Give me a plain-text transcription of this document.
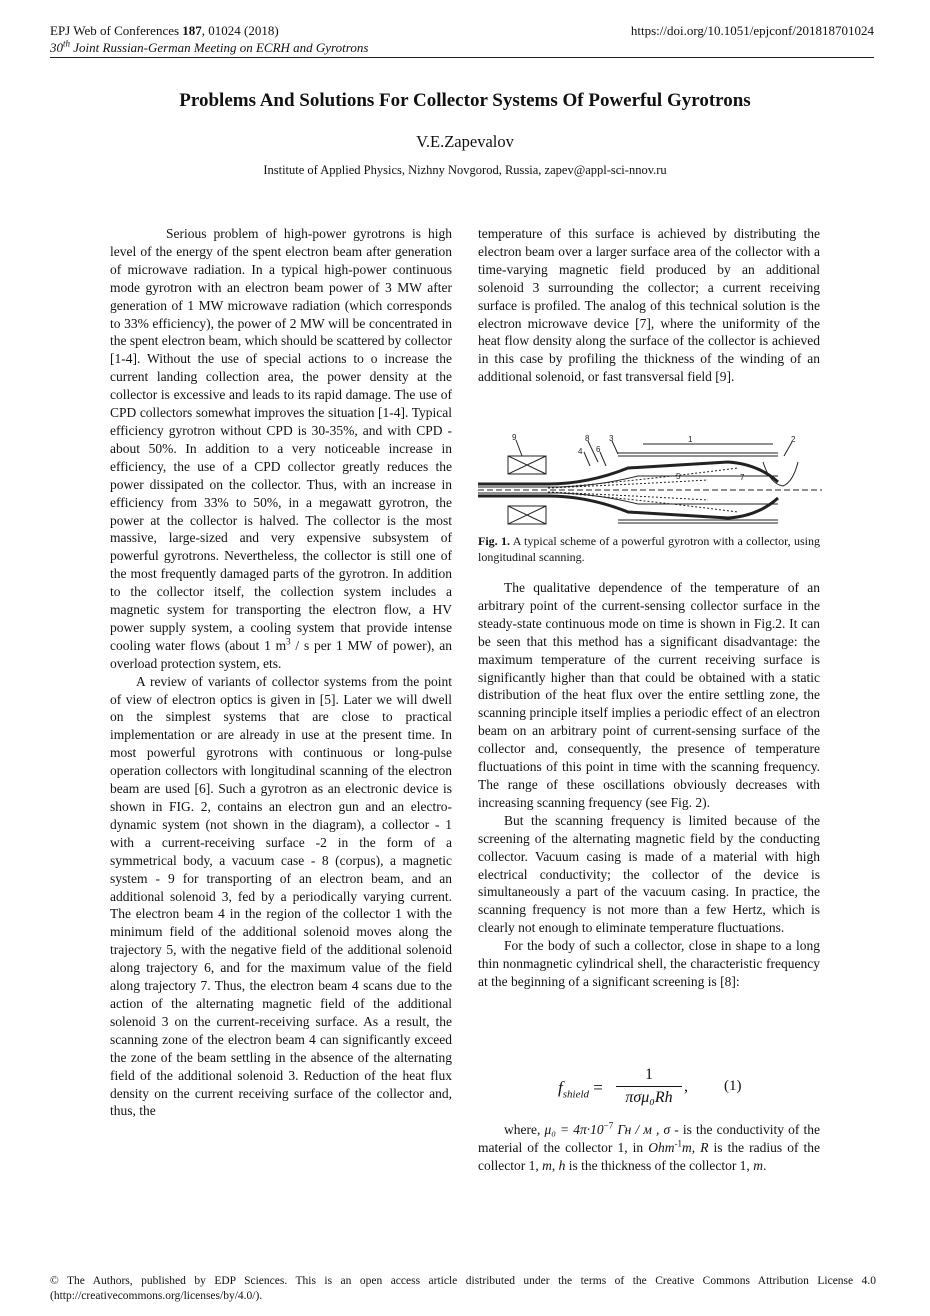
EPJ Web of Conferences 187, 01024 (2018)
30th Joint Russian-German Meeting on ECRH and Gyrotrons
https://doi.org/10.1051/epjconf/201818701024
Problems And Solutions For Collector Systems Of Powerful Gyrotrons
V.E.Zapevalov
Institute of Applied Physics, Nizhny Novgorod, Russia, zapev@appl-sci-nnov.ru

Serious problem of high-power gyrotrons is high level of the energy of the spent electron beam after generation of microwave radiation. In a typical high-power continuous mode gyrotron with an electron beam power of 3 MW after generation of 1 MW microwave radiation (which corresponds to 33% efficiency), the power of 2 MW will be concentrated in the spent electron beam, which should be scattered by collector [1-4]. Without the use of special actions to o increase the current landing collection area, the power density at the collector is excessive and leads to its rapid damage. The use of CPD collectors somewhat improves the situation [1-4]. Typical efficiency gyrotron without CPD is 30-35%, and with CPD - about 50%. In addition to a very noticeable increase in efficiency, the use of a CPD collector greatly reduces the power dissipated on the collector. Thus, with an increase in efficiency from 33% to 50%, in a megawatt gyrotron, the power at the collector is halved. The collector is the most massive, large-sized and very expensive subsystem of powerful gyrotrons. Nevertheless, the collector is still one of the most frequently damaged parts of the gyrotron. In addition to the collector itself, the collection system includes a magnetic system for transporting the electron flow, a HV power supply system, a cooling system that provide intense cooling water flows (about 1 $m^3$ / s per 1 MW of power), an overload protection system, ets.

A review of variants of collector systems from the point of view of electron optics is given in [5]. Later we will dwell on the simplest systems that are close to practical implementation or are already in use at the present time. In most powerful gyrotrons with continuous or long-pulse operation collectors with longitudinal scanning of the electron beam are used [6]. Such a gyrotron as an electronic device is shown in FIG. 2, contains an electron gun and an electro-dynamic system (not shown in the diagram), a collector - 1 with a current-receiving surface -2 in the form of a symmetrical body, a vacuum case - 8 (corpus), a magnetic system - 9 for transporting of an electron beam, and an additional solenoid 3, fed by a periodically varying current. The electron beam 4 in the region of the collector 1 with the minimum field of the additional solenoid moves along the trajectory 5, with the negative field of the additional solenoid along trajectory 6, and for the maximum value of the field along trajectory 7. Thus, the electron beam 4 scans due to the action of the alternating magnetic field of the additional solenoid 3 on the current-receiving surface. As a result, the scanning zone of the electron beam 4 can significantly exceed the zone of the beam settling in the absence of the alternating field of the additional solenoid 3. Reduction of the heat flux density on the current receiving surface of the collector and, thus, the

temperature of this surface is achieved by distributing the electron beam over a larger surface area of the collector with a time-varying magnetic field produced by an additional solenoid 3 surrounding the collector; a current receiving surface is profiled. The analog of this technical solution is the electron microwave device [7], where the uniformity of the heat flow density along the surface of the collector is achieved in this case by profiling the thickness of the winding of an additional solenoid, or fast transversal field [9].

9	8 3
4 6
1	2
5	7
Fig. 1. A typical scheme of a powerful gyrotron with a collector, using longitudinal scanning.

The qualitative dependence of the temperature of an arbitrary point of the current-sensing collector surface in the steady-state continuous mode on time is shown in Fig.2. It can be seen that this method has a significant disadvantage: the maximum temperature of the current receiving surface is significantly higher than that could be obtained with a static distribution of the heat flux over the entire settling zone, the scanning principle itself implies a periodic effect of an electron beam on an arbitrary point of current-sensing surface of the collector and, consequently, the presence of temperature fluctuations of this point in time with the scanning frequency. The range of these oscillations obviously decreases with increasing scanning frequency (see Fig. 2).

But the scanning frequency is limited because of the screening of the alternating magnetic field by the conducting collector. Vacuum casing is made of a material with high electrical conductivity; the collector of the device is simultaneously a part of the vacuum casing. In practice, the scanning frequency is not more than a few Hertz, which is clearly not enough to eliminate temperature fluctuations.

For the body of such a collector, close in shape to a long thin nonmagnetic cylindrical shell, the characteristic frequency at the beginning of a significant screening is [8]:

$f_{shield}$ =
1
πσμ₀Rh
, (1)

where, $\mu_0 = 4\pi\cdot 10^{-7}$ Гн / м , σ - is the conductivity of the material of the collector 1, in Ohm$^{-1}$m, R is the radius of the collector 1, m, h is the thickness of the collector 1, m.

© The Authors, published by EDP Sciences. This is an open access article distributed under the terms of the Creative Commons Attribution License 4.0 (http://creativecommons.org/licenses/by/4.0/).
